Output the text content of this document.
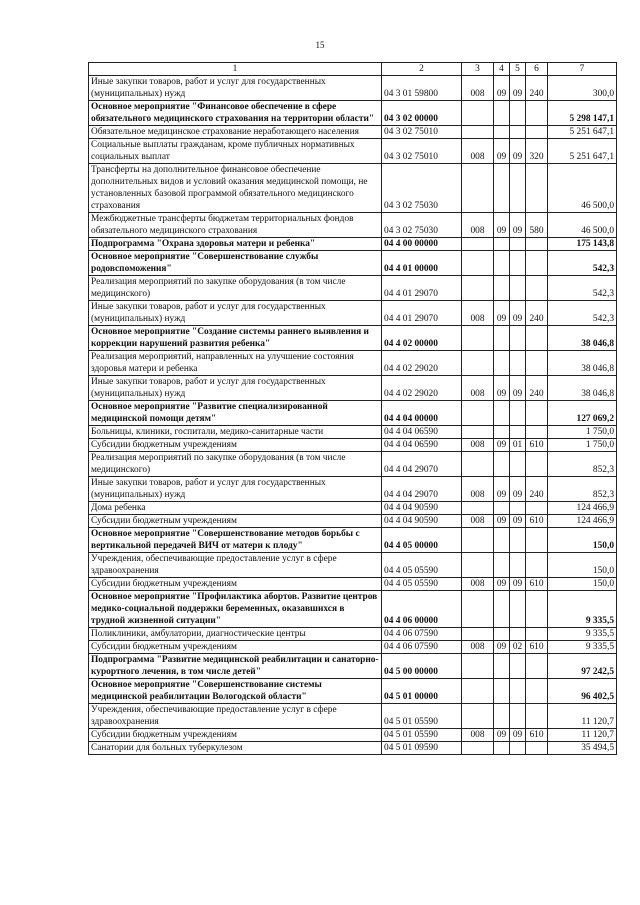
15
1	2	3	4	5	6	7
Иные закупки товаров, работ и услуг для государственных (муниципальных) нужд	04 3 01 59800	008	09	09	240	300,0
Основное мероприятие "Финансовое обеспечение в сфере обязательного медицинского страхования на территории области"	04 3 02 00000					5 298 147,1
Обязательное медицинское страхование неработающего населения	04 3 02 75010					5 251 647,1
Социальные выплаты гражданам, кроме публичных нормативных социальных выплат	04 3 02 75010	008	09	09	320	5 251 647,1
Трансферты на дополнительное финансовое обеспечение дополнительных видов и условий оказания медицинской помощи, не установленных базовой программой обязательного медицинского страхования	04 3 02 75030					46 500,0
Межбюджетные трансферты бюджетам территориальных фондов обязательного медицинского страхования	04 3 02 75030	008	09	09	580	46 500,0
Подпрограмма "Охрана здоровья матери и ребенка"	04 4 00 00000					175 143,8
Основное мероприятие "Совершенствование службы родовспоможения"	04 4 01 00000					542,3
Реализация мероприятий по закупке оборудования (в том числе медицинского)	04 4 01 29070					542,3
Иные закупки товаров, работ и услуг для государственных (муниципальных) нужд	04 4 01 29070	008	09	09	240	542,3
Основное мероприятие "Создание системы раннего выявления и коррекции нарушений развития ребенка"	04 4 02 00000					38 046,8
Реализация мероприятий, направленных на улучшение состояния здоровья матери и ребенка	04 4 02 29020					38 046,8
Иные закупки товаров, работ и услуг для государственных (муниципальных) нужд	04 4 02 29020	008	09	09	240	38 046,8
Основное мероприятие "Развитие специализированной медицинской помощи детям"	04 4 04 00000					127 069,2
Больницы, клиники, госпитали, медико-санитарные части	04 4 04 06590					1 750,0
Субсидии бюджетным учреждениям	04 4 04 06590	008	09	01	610	1 750,0
Реализация мероприятий по закупке оборудования (в том числе медицинского)	04 4 04 29070					852,3
Иные закупки товаров, работ и услуг для государственных (муниципальных) нужд	04 4 04 29070	008	09	09	240	852,3
Дома ребенка	04 4 04 90590					124 466,9
Субсидии бюджетным учреждениям	04 4 04 90590	008	09	09	610	124 466,9
Основное мероприятие "Совершенствование методов борьбы с вертикальной передачей ВИЧ от матери к плоду"	04 4 05 00000					150,0
Учреждения, обеспечивающие предоставление услуг в сфере здравоохранения	04 4 05 05590					150,0
Субсидии бюджетным учреждениям	04 4 05 05590	008	09	09	610	150,0
Основное мероприятие "Профилактика абортов. Развитие центров медико-социальной поддержки беременных, оказавшихся в трудной жизненной ситуации"	04 4 06 00000					9 335,5
Поликлиники, амбулатории, диагностические центры	04 4 06 07590					9 335,5
Субсидии бюджетным учреждениям	04 4 06 07590	008	09	02	610	9 335,5
Подпрограмма "Развитие медицинской реабилитации и санаторно-курортного лечения, в том числе детей"	04 5 00 00000					97 242,5
Основное мероприятие "Совершенствование системы медицинской реабилитации Вологодской области"	04 5 01 00000					96 402,5
Учреждения, обеспечивающие предоставление услуг в сфере здравоохранения	04 5 01 05590					11 120,7
Субсидии бюджетным учреждениям	04 5 01 05590	008	09	09	610	11 120,7
Санатории для больных туберкулезом	04 5 01 09590					35 494,5
